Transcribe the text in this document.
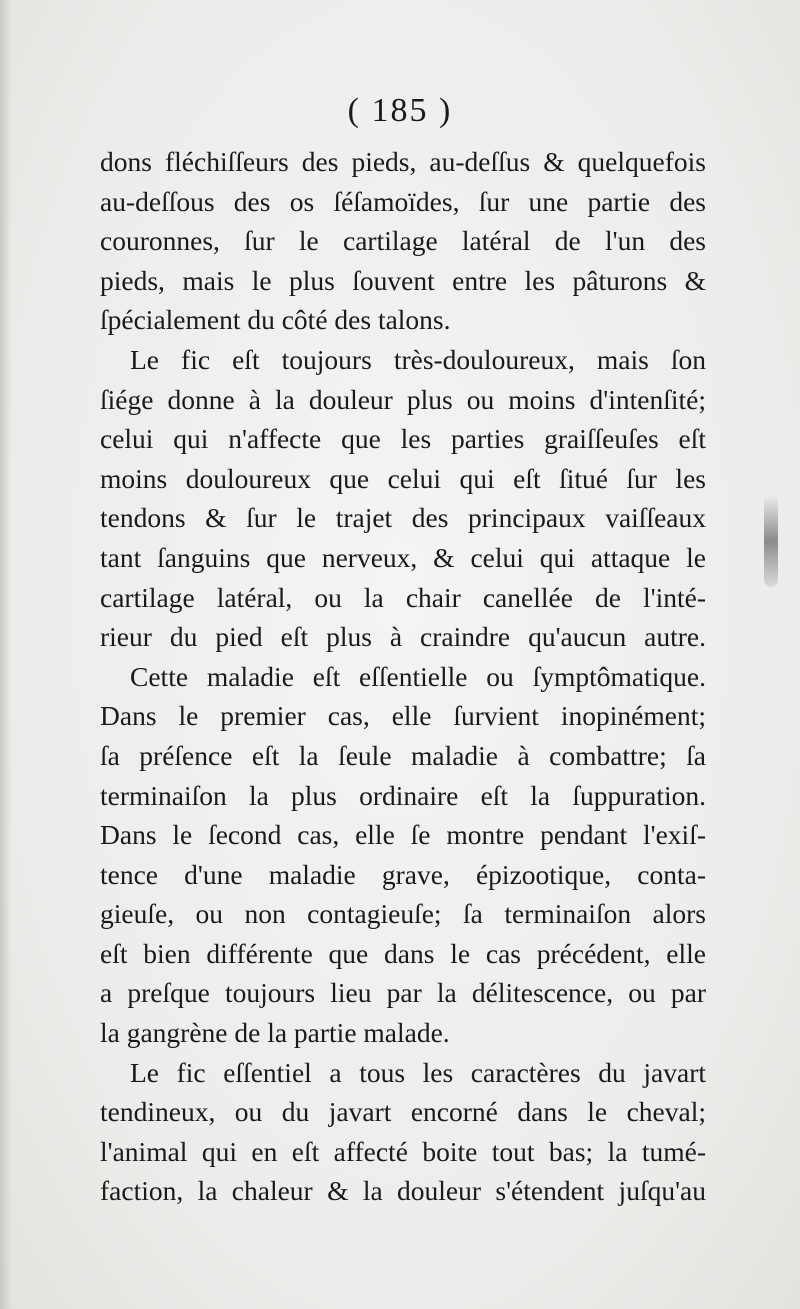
( 185 )
dons fléchiſſeurs des pieds, au-deſſus & quelquefois
au-deſſous des os ſéſamoïdes, ſur une partie des
couronnes, ſur le cartilage latéral de l'un des
pieds, mais le plus ſouvent entre les pâturons &
ſpécialement du côté des talons.
Le fic eſt toujours très-douloureux, mais ſon
ſiége donne à la douleur plus ou moins d'intenſité;
celui qui n'affecte que les parties graiſſeuſes eſt
moins douloureux que celui qui eſt ſitué ſur les
tendons & ſur le trajet des principaux vaiſſeaux
tant ſanguins que nerveux, & celui qui attaque le
cartilage latéral, ou la chair canellée de l'inté-
rieur du pied eſt plus à craindre qu'aucun autre.
Cette maladie eſt eſſentielle ou ſymptômatique.
Dans le premier cas, elle ſurvient inopinément;
ſa préſence eſt la ſeule maladie à combattre; ſa
terminaiſon la plus ordinaire eſt la ſuppuration.
Dans le ſecond cas, elle ſe montre pendant l'exiſ-
tence d'une maladie grave, épizootique, conta-
gieuſe, ou non contagieuſe; ſa terminaiſon alors
eſt bien différente que dans le cas précédent, elle
a preſque toujours lieu par la délitescence, ou par
la gangrène de la partie malade.
Le fic eſſentiel a tous les caractères du javart
tendineux, ou du javart encorné dans le cheval;
l'animal qui en eſt affecté boite tout bas; la tumé-
faction, la chaleur & la douleur s'étendent juſqu'au
